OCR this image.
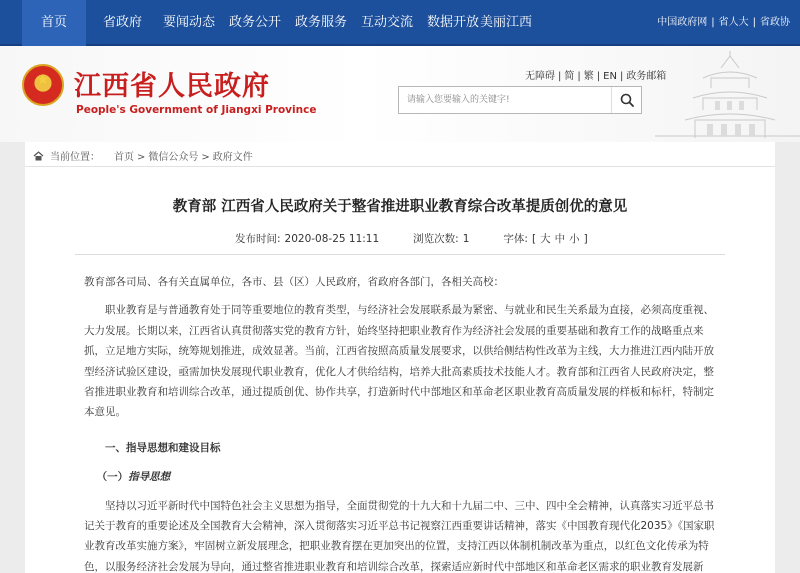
首页	省政府 要闻动态 政务公开 政务服务 互动交流 数据开放 美丽江西	中国政府网 | 省人大 | 省政协
★
江西省人民政府
People's Government of Jiangxi Province
无障碍 | 简 | 繁 | EN | 政务邮箱
请输入您要输入的关键字!
当前位置： 首页 > 微信公众号 > 政府文件
教育部 江西省人民政府关于整省推进职业教育综合改革提质创优的意见
发布时间: 2020-08-25 11:11	浏览次数: 1	字体: [ 大 中 小 ]

教育部各司局、各有关直属单位，各市、县（区）人民政府，省政府各部门，各相关高校：

职业教育是与普通教育处于同等重要地位的教育类型，与经济社会发展联系最为紧密、与就业和民生关系最为直接，必须高度重视、大力发展。长期以来，江西省认真贯彻落实党的教育方针，始终坚持把职业教育作为经济社会发展的重要基础和教育工作的战略重点来抓，立足地方实际，统筹规划推进，成效显著。当前，江西省按照高质量发展要求，以供给侧结构性改革为主线，大力推进江西内陆开放型经济试验区建设，亟需加快发展现代职业教育，优化人才供给结构，培养大批高素质技术技能人才。教育部和江西省人民政府决定，整省推进职业教育和培训综合改革，通过提质创优、协作共享，打造新时代中部地区和革命老区职业教育高质量发展的样板和标杆，特制定本意见。

一、指导思想和建设目标

（一）指导思想

坚持以习近平新时代中国特色社会主义思想为指导，全面贯彻党的十九大和十九届二中、三中、四中全会精神，认真落实习近平总书记关于教育的重要论述及全国教育大会精神，深入贯彻落实习近平总书记视察江西重要讲话精神，落实《中国教育现代化2035》《国家职业教育改革实施方案》，牢固树立新发展理念，把职业教育摆在更加突出的位置，支持江西以体制机制改革为重点，以红色文化传承为特色，以服务经济社会发展为导向，通过整省推进职业教育和培训综合改革，探索适应新时代中部地区和革命老区需求的职业教育发展新
